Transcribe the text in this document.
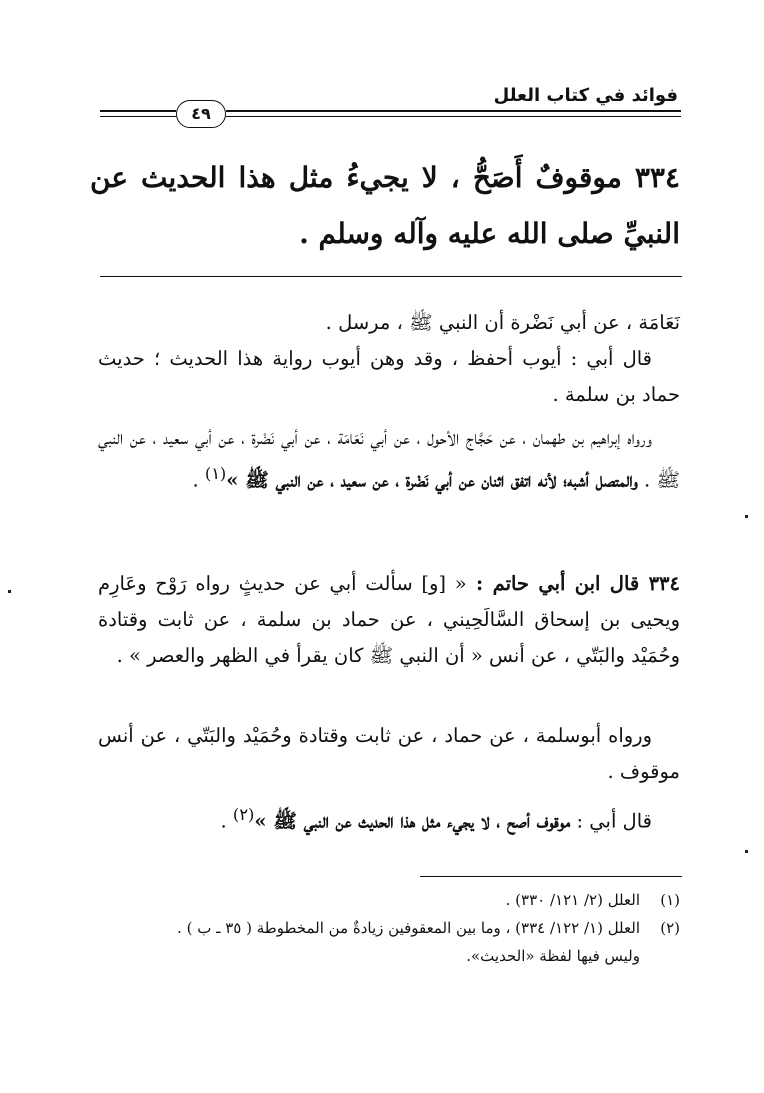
فوائد في كتاب العلل
٤٩
٣٣٤ موقوفٌ أَصَحُّ ، لا يجيءُ مثل هذا الحديث عن النبيِّ صلى الله عليه وآله وسلم .
نَعَامَة ، عن أبي نَضْرة أن النبي ﷺ ، مرسل .
قال أبي : أيوب أحفظ ، وقد وهن أيوب رواية هذا الحديث ؛ حديث حماد بن سلمة .
ورواه إبراهيم بن طهمان ، عن حَجَّاج الأحول ، عن أبي نَعَامَة ، عن أبي نَضْرة ، عن أبي سعيد ، عن النبي ﷺ . والمتصل أشبه؛ لأنه اتفق اثنان عن أبي نَضْرة ، عن سعيد ، عن النبي ﷺ »$^{(١)}$ .
٣٣٤ قال ابن أبي حاتم : « [و] سألت أبي عن حديثٍ رواه رَوْح وعَارِم ويحيى بن إسحاق السَّالَحِيني ، عن حماد بن سلمة ، عن ثابت وقتادة وحُمَيْد والبَتّي ، عن أنس « أن النبي ﷺ كان يقرأ في الظهر والعصر » .
ورواه أبوسلمة ، عن حماد ، عن ثابت وقتادة وحُمَيْد والبَتّي ، عن أنس موقوف .
قال أبي : موقوف أصح ، لا يجيء مثل هذا الحديث عن النبي ﷺ »$^{(٢)}$ .
(١)العلل (٢/ ١٢١/ ٣٣٠) .
(٢)العلل (١/ ١٢٢/ ٣٣٤) ، وما بين المعقوفين زيادةٌ من المخطوطة ( ٣٥ ـ ب ) .
وليس فيها لفظة «الحديث».
